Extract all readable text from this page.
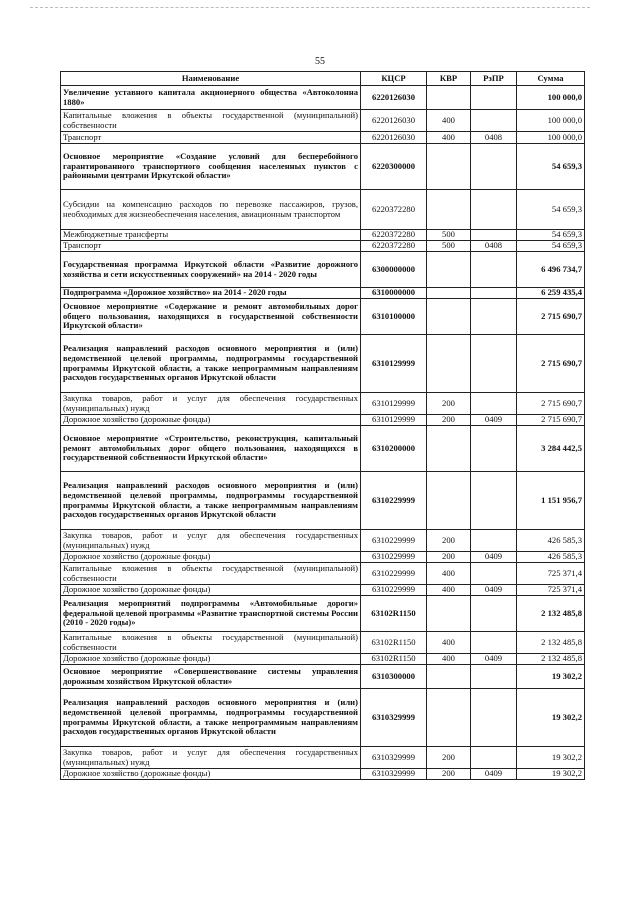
55
Наименование	КЦСР	КВР	РзПР	Сумма
Увеличение уставного капитала акционерного общества «Автоколонна 1880»	6220126030			100 000,0
Капитальные вложения в объекты государственной (муниципальной) собственности	6220126030	400		100 000,0
Транспорт	6220126030	400	0408	100 000,0
Основное мероприятие «Создание условий для бесперебойного гарантированного транспортного сообщения населенных пунктов с районными центрами Иркутской области»	6220300000			54 659,3
Субсидии на компенсацию расходов по перевозке пассажиров, грузов, необходимых для жизнеобеспечения населения, авиационным транспортом	6220372280			54 659,3
Межбюджетные трансферты	6220372280	500		54 659,3
Транспорт	6220372280	500	0408	54 659,3
Государственная программа Иркутской области «Развитие дорожного хозяйства и сети искусственных сооружений» на 2014 - 2020 годы	6300000000			6 496 734,7
Подпрограмма «Дорожное хозяйство» на 2014 - 2020 годы	6310000000			6 259 435,4
Основное мероприятие «Содержание и ремонт автомобильных дорог общего пользования, находящихся в государственной собственности Иркутской области»	6310100000			2 715 690,7
Реализация направлений расходов основного мероприятия и (или) ведомственной целевой программы, подпрограммы государственной программы Иркутской области, а также непрограммным направлениям расходов государственных органов Иркутской области	6310129999			2 715 690,7
Закупка товаров, работ и услуг для обеспечения государственных (муниципальных) нужд	6310129999	200		2 715 690,7
Дорожное хозяйство (дорожные фонды)	6310129999	200	0409	2 715 690,7
Основное мероприятие «Строительство, реконструкция, капитальный ремонт автомобильных дорог общего пользования, находящихся в государственной собственности Иркутской области»	6310200000			3 284 442,5
Реализация направлений расходов основного мероприятия и (или) ведомственной целевой программы, подпрограммы государственной программы Иркутской области, а также непрограммным направлениям расходов государственных органов Иркутской области	6310229999			1 151 956,7
Закупка товаров, работ и услуг для обеспечения государственных (муниципальных) нужд	6310229999	200		426 585,3
Дорожное хозяйство (дорожные фонды)	6310229999	200	0409	426 585,3
Капитальные вложения в объекты государственной (муниципальной) собственности	6310229999	400		725 371,4
Дорожное хозяйство (дорожные фонды)	6310229999	400	0409	725 371,4
Реализация мероприятий подпрограммы «Автомобильные дороги» федеральной целевой программы «Развитие транспортной системы России (2010 - 2020 годы)»	63102R1150			2 132 485,8
Капитальные вложения в объекты государственной (муниципальной) собственности	63102R1150	400		2 132 485,8
Дорожное хозяйство (дорожные фонды)	63102R1150	400	0409	2 132 485,8
Основное мероприятие «Совершенствование системы управления дорожным хозяйством Иркутской области»	6310300000			19 302,2
Реализация направлений расходов основного мероприятия и (или) ведомственной целевой программы, подпрограммы государственной программы Иркутской области, а также непрограммным направлениям расходов государственных органов Иркутской области	6310329999			19 302,2
Закупка товаров, работ и услуг для обеспечения государственных (муниципальных) нужд	6310329999	200		19 302,2
Дорожное хозяйство (дорожные фонды)	6310329999	200	0409	19 302,2
